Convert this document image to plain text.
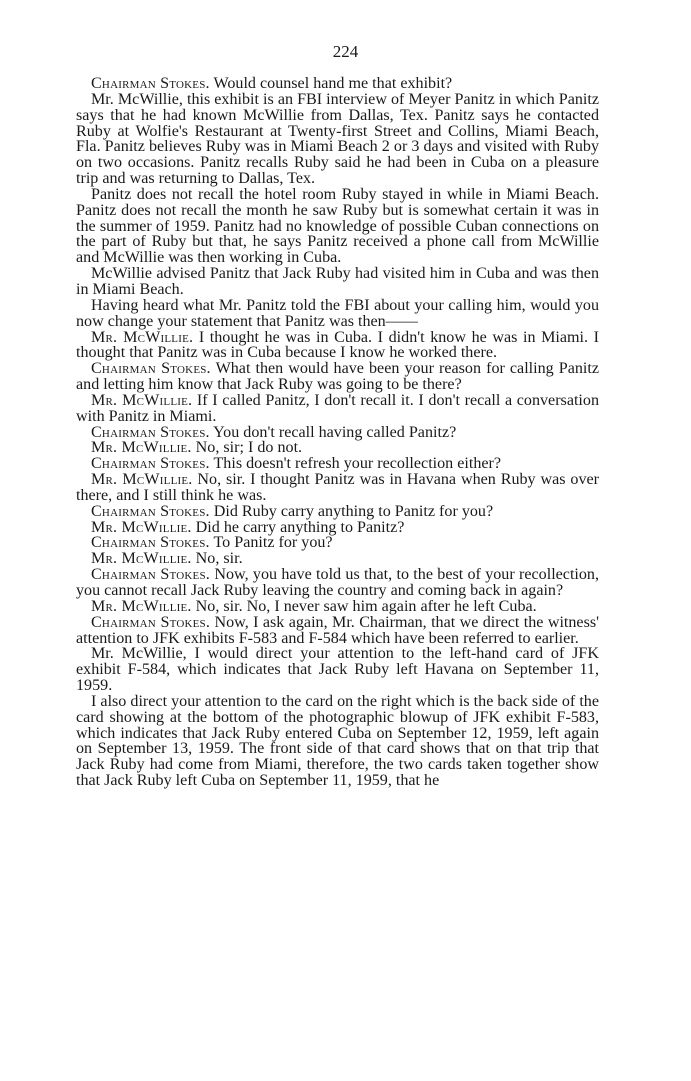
224

Chairman Stokes. Would counsel hand me that exhibit?

Mr. McWillie, this exhibit is an FBI interview of Meyer Panitz in which Panitz says that he had known McWillie from Dallas, Tex. Panitz says he contacted Ruby at Wolfie's Restaurant at Twenty-first Street and Collins, Miami Beach, Fla. Panitz believes Ruby was in Miami Beach 2 or 3 days and visited with Ruby on two occasions. Panitz recalls Ruby said he had been in Cuba on a pleasure trip and was returning to Dallas, Tex.

Panitz does not recall the hotel room Ruby stayed in while in Miami Beach. Panitz does not recall the month he saw Ruby but is somewhat certain it was in the summer of 1959. Panitz had no knowledge of possible Cuban connections on the part of Ruby but that, he says Panitz received a phone call from McWillie and McWillie was then working in Cuba.

McWillie advised Panitz that Jack Ruby had visited him in Cuba and was then in Miami Beach.

Having heard what Mr. Panitz told the FBI about your calling him, would you now change your statement that Panitz was then——

Mr. McWillie. I thought he was in Cuba. I didn't know he was in Miami. I thought that Panitz was in Cuba because I know he worked there.

Chairman Stokes. What then would have been your reason for calling Panitz and letting him know that Jack Ruby was going to be there?

Mr. McWillie. If I called Panitz, I don't recall it. I don't recall a conversation with Panitz in Miami.

Chairman Stokes. You don't recall having called Panitz?

Mr. McWillie. No, sir; I do not.

Chairman Stokes. This doesn't refresh your recollection either?

Mr. McWillie. No, sir. I thought Panitz was in Havana when Ruby was over there, and I still think he was.

Chairman Stokes. Did Ruby carry anything to Panitz for you?

Mr. McWillie. Did he carry anything to Panitz?

Chairman Stokes. To Panitz for you?

Mr. McWillie. No, sir.

Chairman Stokes. Now, you have told us that, to the best of your recollection, you cannot recall Jack Ruby leaving the country and coming back in again?

Mr. McWillie. No, sir. No, I never saw him again after he left Cuba.

Chairman Stokes. Now, I ask again, Mr. Chairman, that we direct the witness' attention to JFK exhibits F-583 and F-584 which have been referred to earlier.

Mr. McWillie, I would direct your attention to the left-hand card of JFK exhibit F-584, which indicates that Jack Ruby left Havana on September 11, 1959.

I also direct your attention to the card on the right which is the back side of the card showing at the bottom of the photographic blowup of JFK exhibit F-583, which indicates that Jack Ruby entered Cuba on September 12, 1959, left again on September 13, 1959. The front side of that card shows that on that trip that Jack Ruby had come from Miami, therefore, the two cards taken together show that Jack Ruby left Cuba on September 11, 1959, that he
